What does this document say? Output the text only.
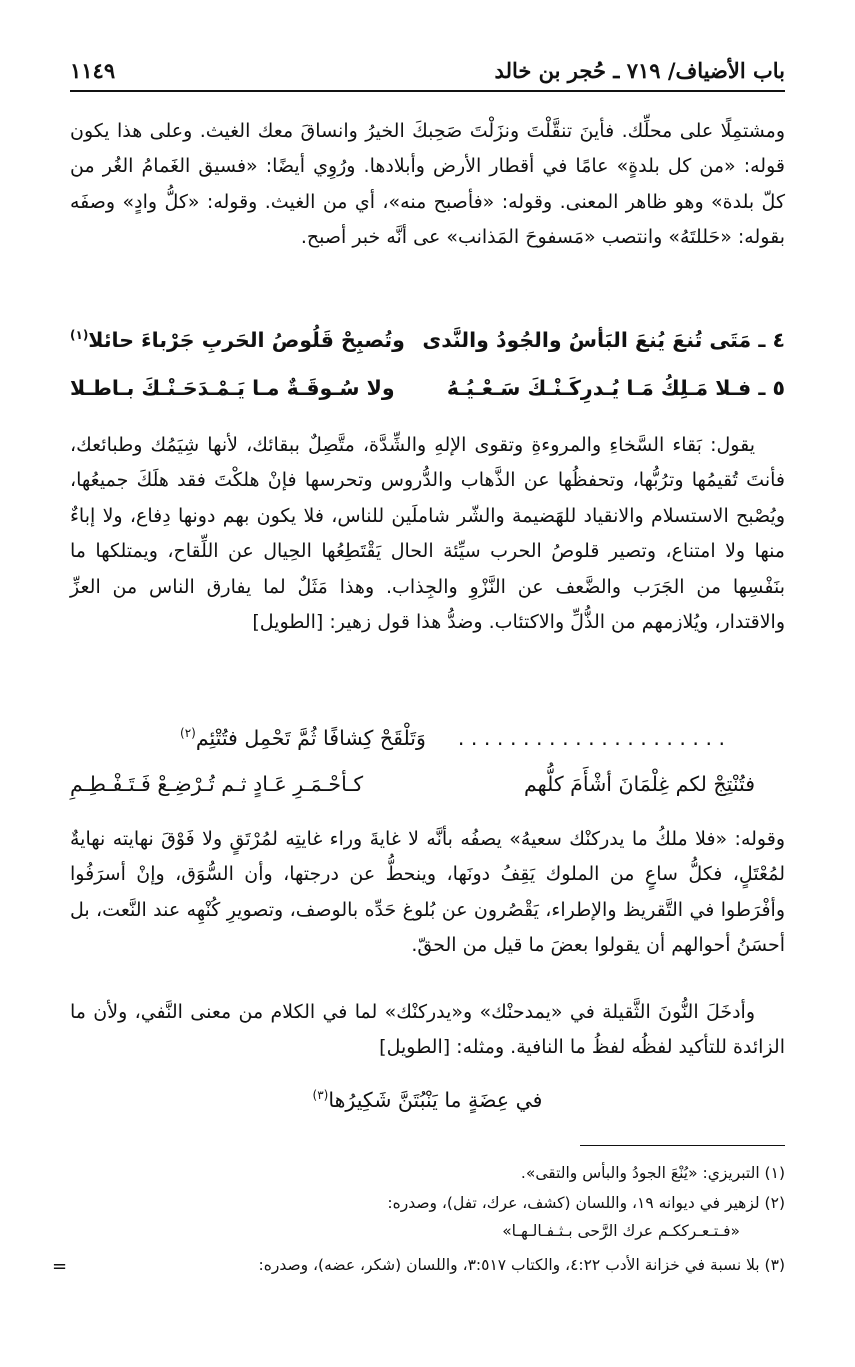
باب الأضياف/ ٧١٩ ـ حُجر بن خالد
١١٤٩
ومشتمِلًا على محلِّك. فأينَ تنقَّلْتَ ونزَلْتَ صَحِبكَ الخيرُ وانساقَ معك الغيث. وعلى هذا يكون قوله: «من كل بلدةٍ» عامًا في أقطار الأرض وأبلادها. ورُوِي أيضًا: «فسيق الغَمامُ الغُر من كلّ بلدة» وهو ظاهر المعنى. وقوله: «فأصبح منه»، أي من الغيث. وقوله: «كلُّ وادٍ» وصفَه بقوله: «حَللتَهُ» وانتصب «مَسفوحَ المَذانب» عى أنَّه خبر أصبح.
٤ ـ مَتَى تُنعَ يُنعَ البَأسُ والجُودُ والنَّدى
وتُصبِحْ قَلُوصُ الحَربِ جَرْباءَ حائلا$^{(١)}$
٥ ـ فـلا مَـلِكُ مَـا يُـدرِكَـنْـكَ سَـعْـيُـهُ
ولا سُـوقَـةٌ مـا يَـمْـدَحَـنْـكَ بـاطـلا
يقول: بَقاء السَّخاءِ والمروءةِ وتقوى الإلهِ والشِّدَّة، متَّصِلٌ ببقائك، لأنها شِيَمُك وطبائعك، فأنتَ تُقيمُها وترُبُّها، وتحفظُها عن الذَّهاب والدُّروس وتحرسها فإنْ هلكْتَ فقد هلَكَ جميعُها، ويُصْبح الاستسلام والانقياد للهَضيمة والشّر شاملَين للناس، فلا يكون بهم دونها دِفاع، ولا إباءٌ منها ولا امتناع، وتصير قلوصُ الحرب سيِّئة الحال يَقْتَطِعُها الحِيال عن اللِّقاح، ويمتلكها ما بنَفْسِها من الجَرَب والضَّعف عن النَّزْوِ والجِذاب. وهذا مَثَلٌ لما يفارق الناس من العزِّ والاقتدار، ويُلازمهم من الذُّلِّ والاكتئاب. وضدُّ هذا قول زهير: [الطويل]
. . . . . . . . . . . . . . . . . . . . .
وَتَلْقَحْ كِشافًا ثُمَّ تَحْمِل فتُتْئِم$^{(٢)}$
فتُنْتِجْ لكم غِلْمَانَ أشْأَمَ كلُّهم
كـأحْـمَـرِ عَـادٍ ثـم تُـرْضِـعْ فَـتَـفْـطِـمِ
وقوله: «فلا ملكُ ما يدركنْك سعيهُ» يصفُه بأنَّه لا غايةَ وراء غايتِه لمُرْتَقٍ ولا فَوْقَ نهايته نهايةٌ لمُعْتَلٍ، فكلُّ ساعٍ من الملوك يَقِفُ دونَها، وينحطُّ عن درجتها، وأن السُّوَق، وإنْ أسرَفُوا وأفْرَطوا في التَّقريظ والإطراء، يَقْصُرون عن بُلوغ حَدِّه بالوصف، وتصويرِ كُنْهِه عند النَّعت، بل أحسَنُ أحوالهم أن يقولوا بعضَ ما قيل من الحقّ.
وأدخَلَ النُّونَ الثَّقيلة في «يمدحنْك» و«يدركنْك» لما في الكلام من معنى النَّفي، ولأن ما الزائدة للتأكيد لفظُه لفظُ ما النافية. ومثله: [الطويل]
في عِضَةٍ ما يَنْبُتَنَّ شَكِيرُها$^{(٣)}$
(١) التبريزي: «يُنْعَ الجودُ والبأس والتقى».
(٢) لزهير في ديوانه ١٩، واللسان (كشف، عرك، تفل)، وصدره:
«فـتـعـرككـم عرك الرَّحى بـثـفـالـهـا»
(٣) بلا نسبة في خزانة الأدب ٤:٢٢، والكتاب ٣:٥١٧، واللسان (شكر، عضه)، وصدره:
=
